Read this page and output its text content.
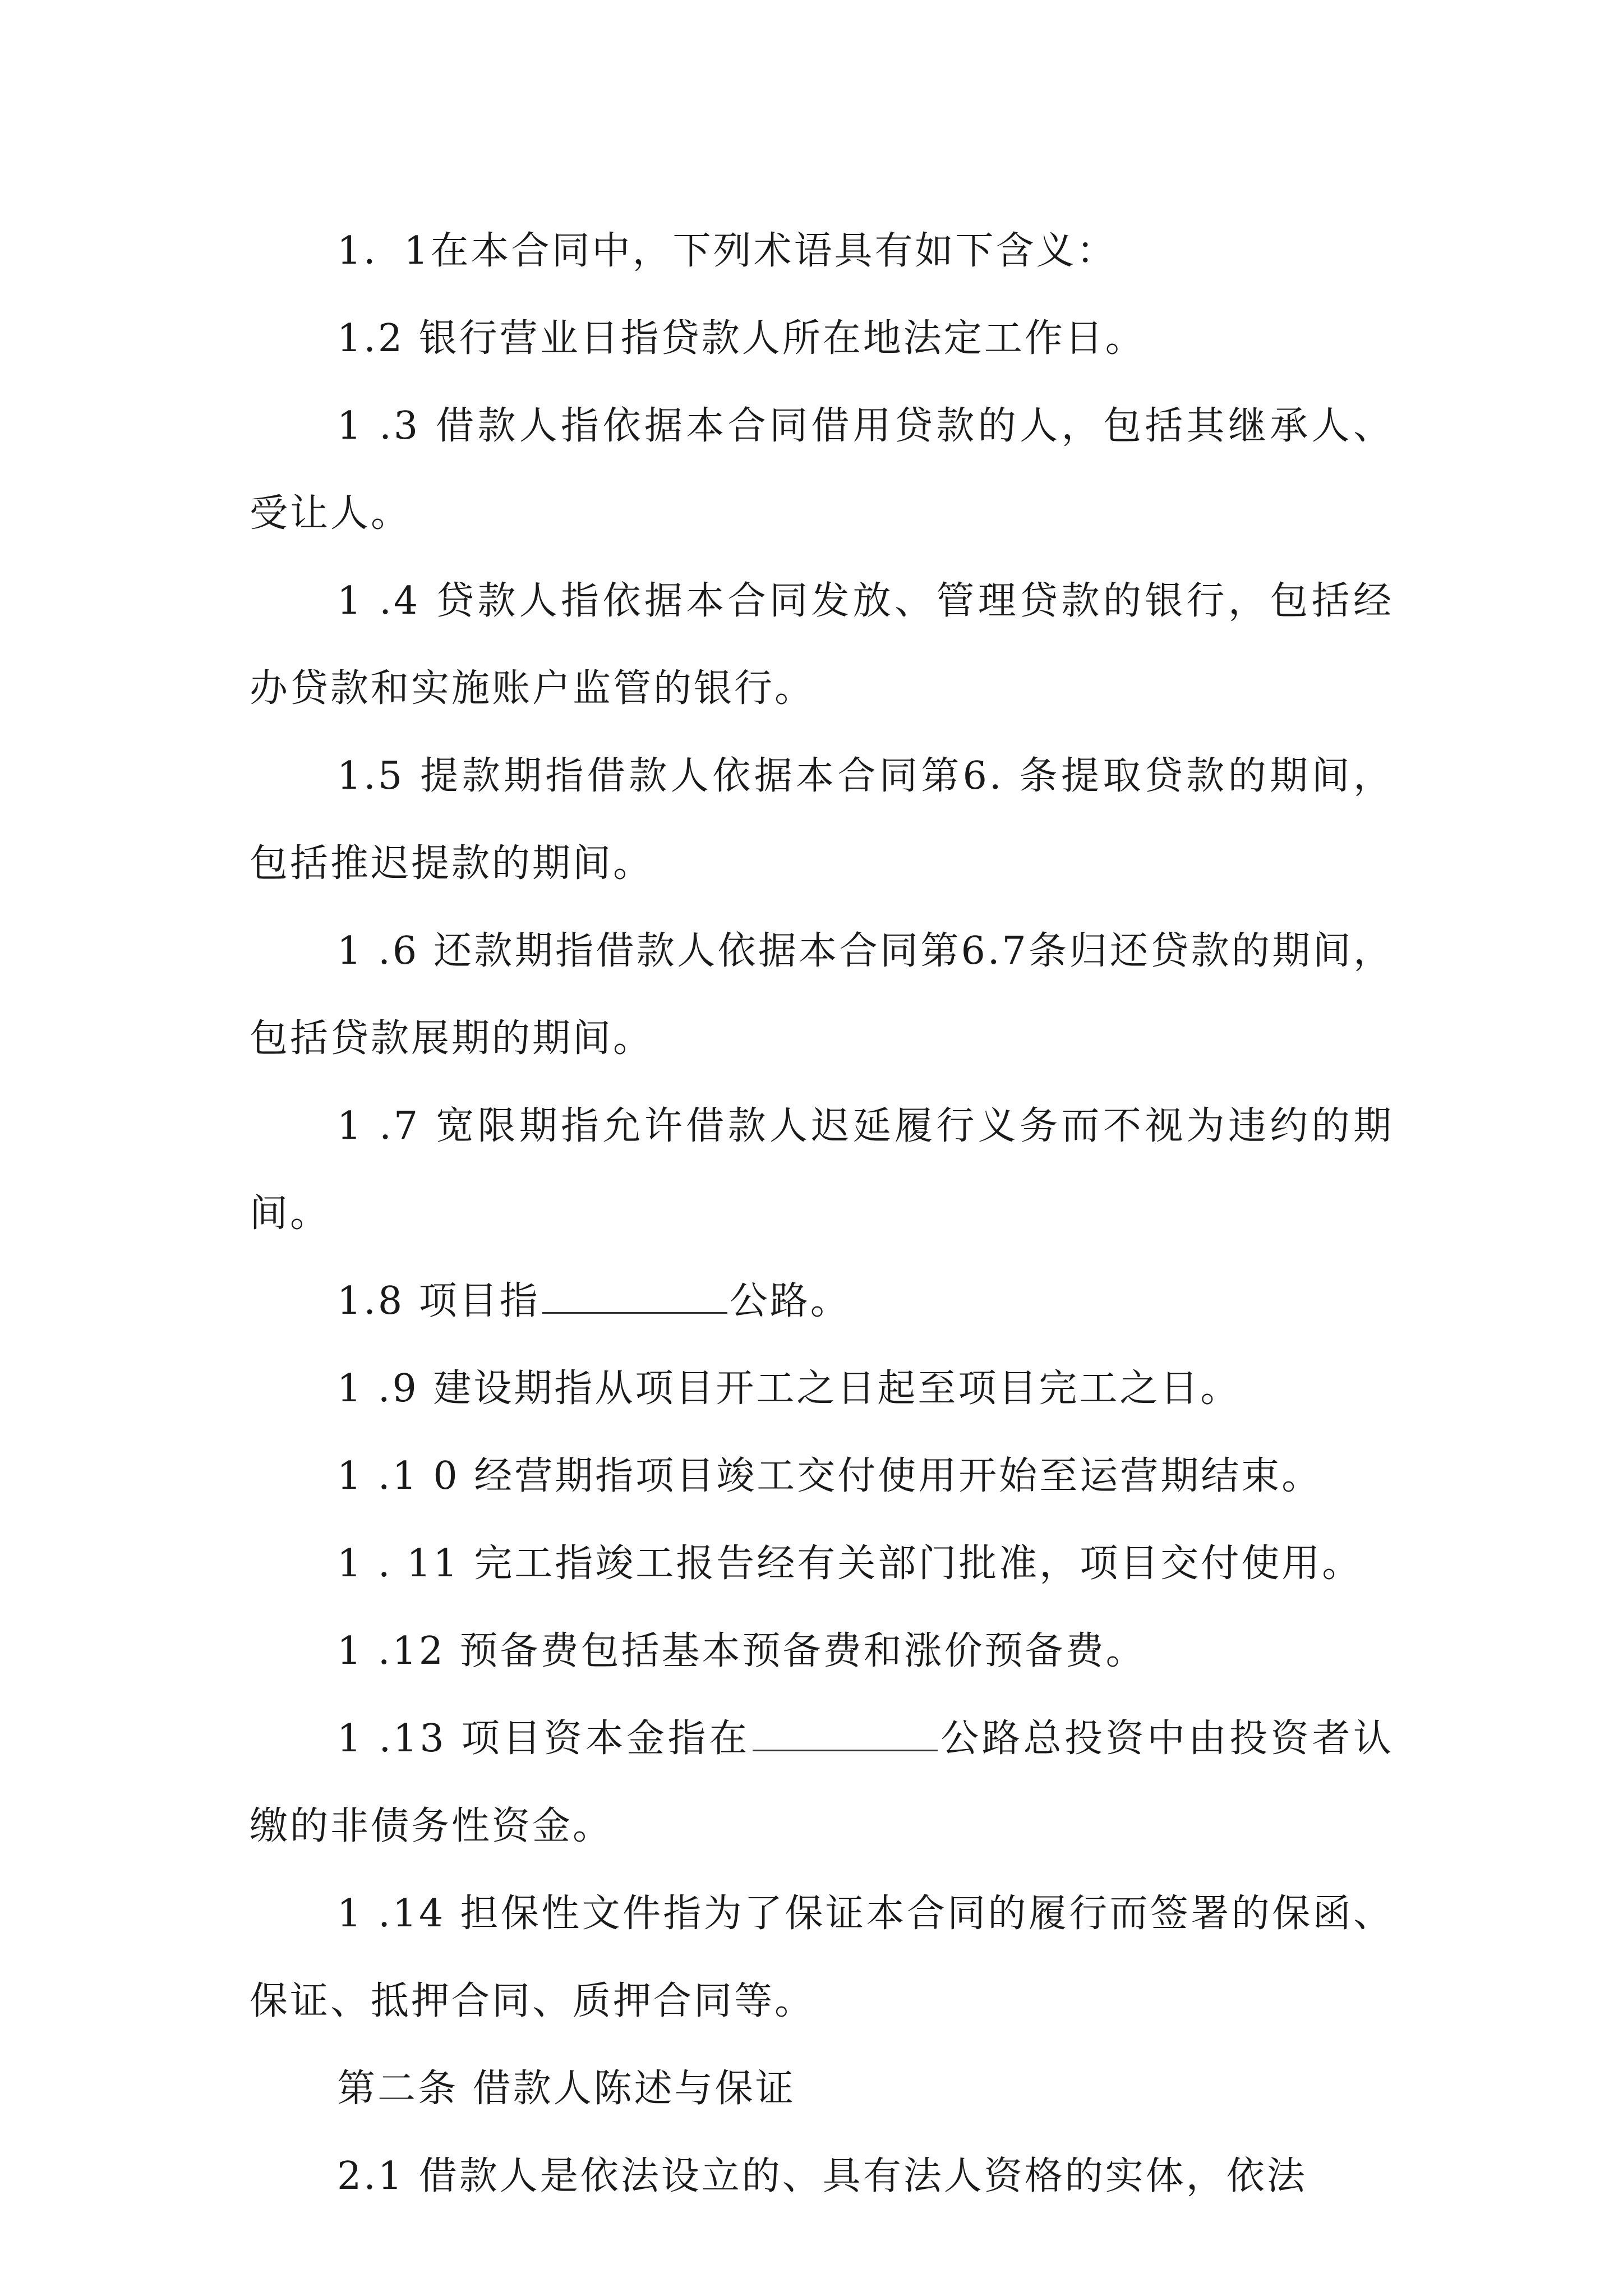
1．1在本合同中，下列术语具有如下含义：

1.2 银行营业日指贷款人所在地法定工作日。

1 .3 借款人指依据本合同借用贷款的人，包括其继承人、受让人。

1 .4 贷款人指依据本合同发放、管理贷款的银行，包括经办贷款和实施账户监管的银行。

1.5 提款期指借款人依据本合同第6. 条提取贷款的期间，包括推迟提款的期间。

1 .6 还款期指借款人依据本合同第6.7条归还贷款的期间，包括贷款展期的期间。

1 .7 宽限期指允许借款人迟延履行义务而不视为违约的期间。

1.8 项目指	公路。

1 .9 建设期指从项目开工之日起至项目完工之日。

1 .1 0 经营期指项目竣工交付使用开始至运营期结束。

1 . 11 完工指竣工报告经有关部门批准，项目交付使用。

1 .12 预备费包括基本预备费和涨价预备费。

1 .13 项目资本金指在	公路总投资中由投资者认缴的非债务性资金。

1 .14 担保性文件指为了保证本合同的履行而签署的保函、保证、抵押合同、质押合同等。

第二条 借款人陈述与保证

2.1 借款人是依法设立的、具有法人资格的实体，依法
